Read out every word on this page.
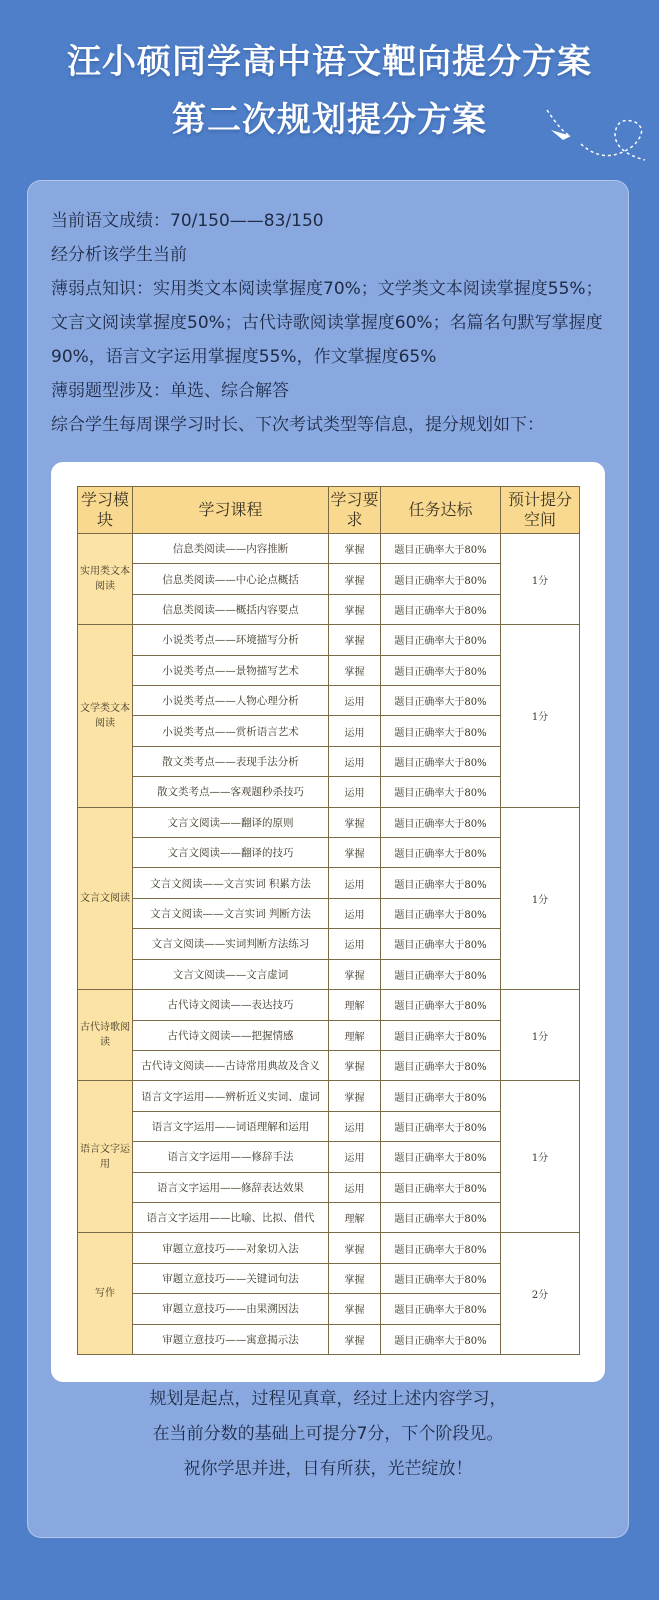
汪小硕同学高中语文靶向提分方案
第二次规划提分方案

当前语文成绩：70/150——83/150

经分析该学生当前

薄弱点知识：实用类文本阅读掌握度70%；文学类文本阅读掌握度55%；文言文阅读掌握度50%；古代诗歌阅读掌握度60%；名篇名句默写掌握度90%，语言文字运用掌握度55%，作文掌握度65%

薄弱题型涉及：单选、综合解答

综合学生每周课学习时长、下次考试类型等信息，提分规划如下：

学习模块	学习课程	学习要求	任务达标	预计提分空间
实用类文本阅读	信息类阅读——内容推断	掌握	题目正确率大于80%	1分
	信息类阅读——中心论点概括	掌握	题目正确率大于80%	
	信息类阅读——概括内容要点	掌握	题目正确率大于80%	
文学类文本阅读	小说类考点——环境描写分析	掌握	题目正确率大于80%	1分
	小说类考点——景物描写艺术	掌握	题目正确率大于80%	
	小说类考点——人物心理分析	运用	题目正确率大于80%	
	小说类考点——赏析语言艺术	运用	题目正确率大于80%	
	散文类考点——表现手法分析	运用	题目正确率大于80%	
	散文类考点——客观题秒杀技巧	运用	题目正确率大于80%	
文言文阅读	文言文阅读——翻译的原则	掌握	题目正确率大于80%	1分
	文言文阅读——翻译的技巧	掌握	题目正确率大于80%	
	文言文阅读——文言实词 积累方法	运用	题目正确率大于80%	
	文言文阅读——文言实词 判断方法	运用	题目正确率大于80%	
	文言文阅读——实词判断方法练习	运用	题目正确率大于80%	
	文言文阅读——文言虚词	掌握	题目正确率大于80%	
古代诗歌阅读	古代诗文阅读——表达技巧	理解	题目正确率大于80%	1分
	古代诗文阅读——把握情感	理解	题目正确率大于80%	
	古代诗文阅读——古诗常用典故及含义	掌握	题目正确率大于80%	
语言文字运用	语言文字运用——辨析近义实词、虚词	掌握	题目正确率大于80%	1分
	语言文字运用——词语理解和运用	运用	题目正确率大于80%	
	语言文字运用——修辞手法	运用	题目正确率大于80%	
	语言文字运用——修辞表达效果	运用	题目正确率大于80%	
	语言文字运用——比喻、比拟、借代	理解	题目正确率大于80%	
写作	审题立意技巧——对象切入法	掌握	题目正确率大于80%	2分
	审题立意技巧——关键词句法	掌握	题目正确率大于80%	
	审题立意技巧——由果溯因法	掌握	题目正确率大于80%	
	审题立意技巧——寓意揭示法	掌握	题目正确率大于80%	

规划是起点，过程见真章，经过上述内容学习，

在当前分数的基础上可提分7分，下个阶段见。

祝你学思并进，日有所获，光芒绽放！
